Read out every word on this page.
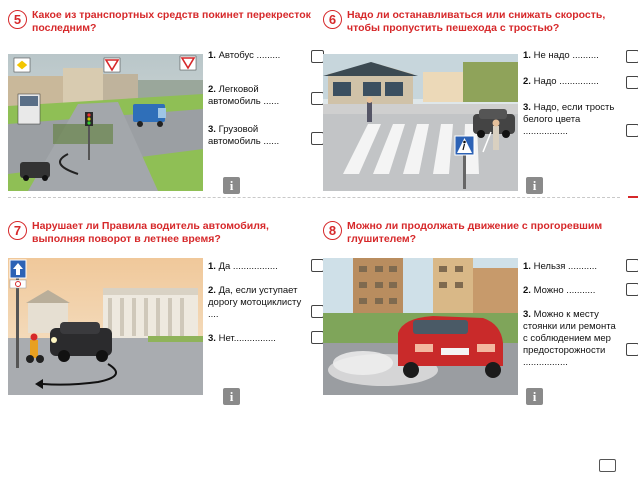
5	Какое из транспортных средств покинет перекресток последним?
1. Автобус .........
2. Легковой автомобиль ......
3. Грузовой автомобиль ......
i
6	Надо ли останавливаться или снижать скорость, чтобы пропустить пешехода с тростью?
1. Не надо ..........
2. Надо ...............
3. Надо, если трость белого цвета .................
i
7	Нарушает ли Правила водитель автомобиля, выполняя поворот в летнее время?
1. Да .................
2. Да, если уступает дорогу мотоциклисту ....
3. Нет................
i
8	Можно ли продолжать движение с прогоревшим глушителем?
1. Нельзя ...........
2. Можно ...........
3. Можно к месту стоянки или ремонта с соблюдением мер предосторожности .................
i
